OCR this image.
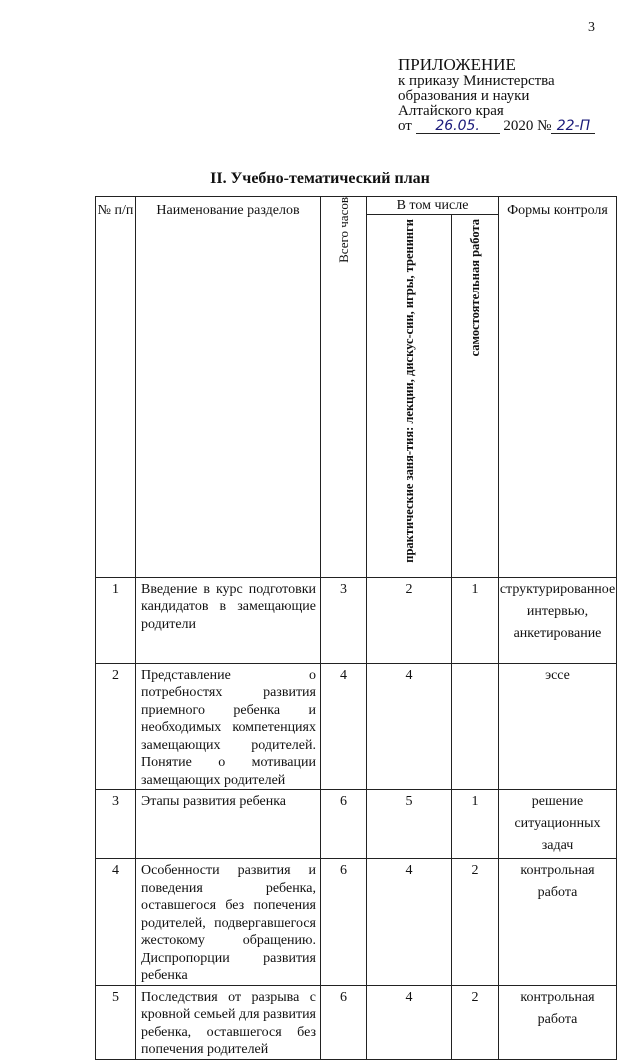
3
ПРИЛОЖЕНИЕ
к приказу Министерства
образования и науки
Алтайского края
от 26.05. 2020 № 22-П
II. Учебно-тематический план
№ п/п	Наименование разделов	Всего часов	В том числе		Формы контроля

			практические заня-тия: лекции, дискус-сии, игры, тренинги	самостоятельная работа	

1	Введение в курс подготовки кандидатов в замещающие родители	3	2	1	структурированное интервью, анкетирование
2	Представление о потребностях развития приемного ребенка и необходимых компетенциях замещающих родителей. Понятие о мотивации замещающих родителей	4	4		эссе
3	Этапы развития ребенка	6	5	1	решение ситуационных задач
4	Особенности развития и поведения ребенка, оставшегося без попечения родителей, подвергавшегося жестокому обращению. Диспропорции развития ребенка	6	4	2	контрольная работа
5	Последствия от разрыва с кровной семьей для развития ребенка, оставшегося без попечения родителей	6	4	2	контрольная работа
